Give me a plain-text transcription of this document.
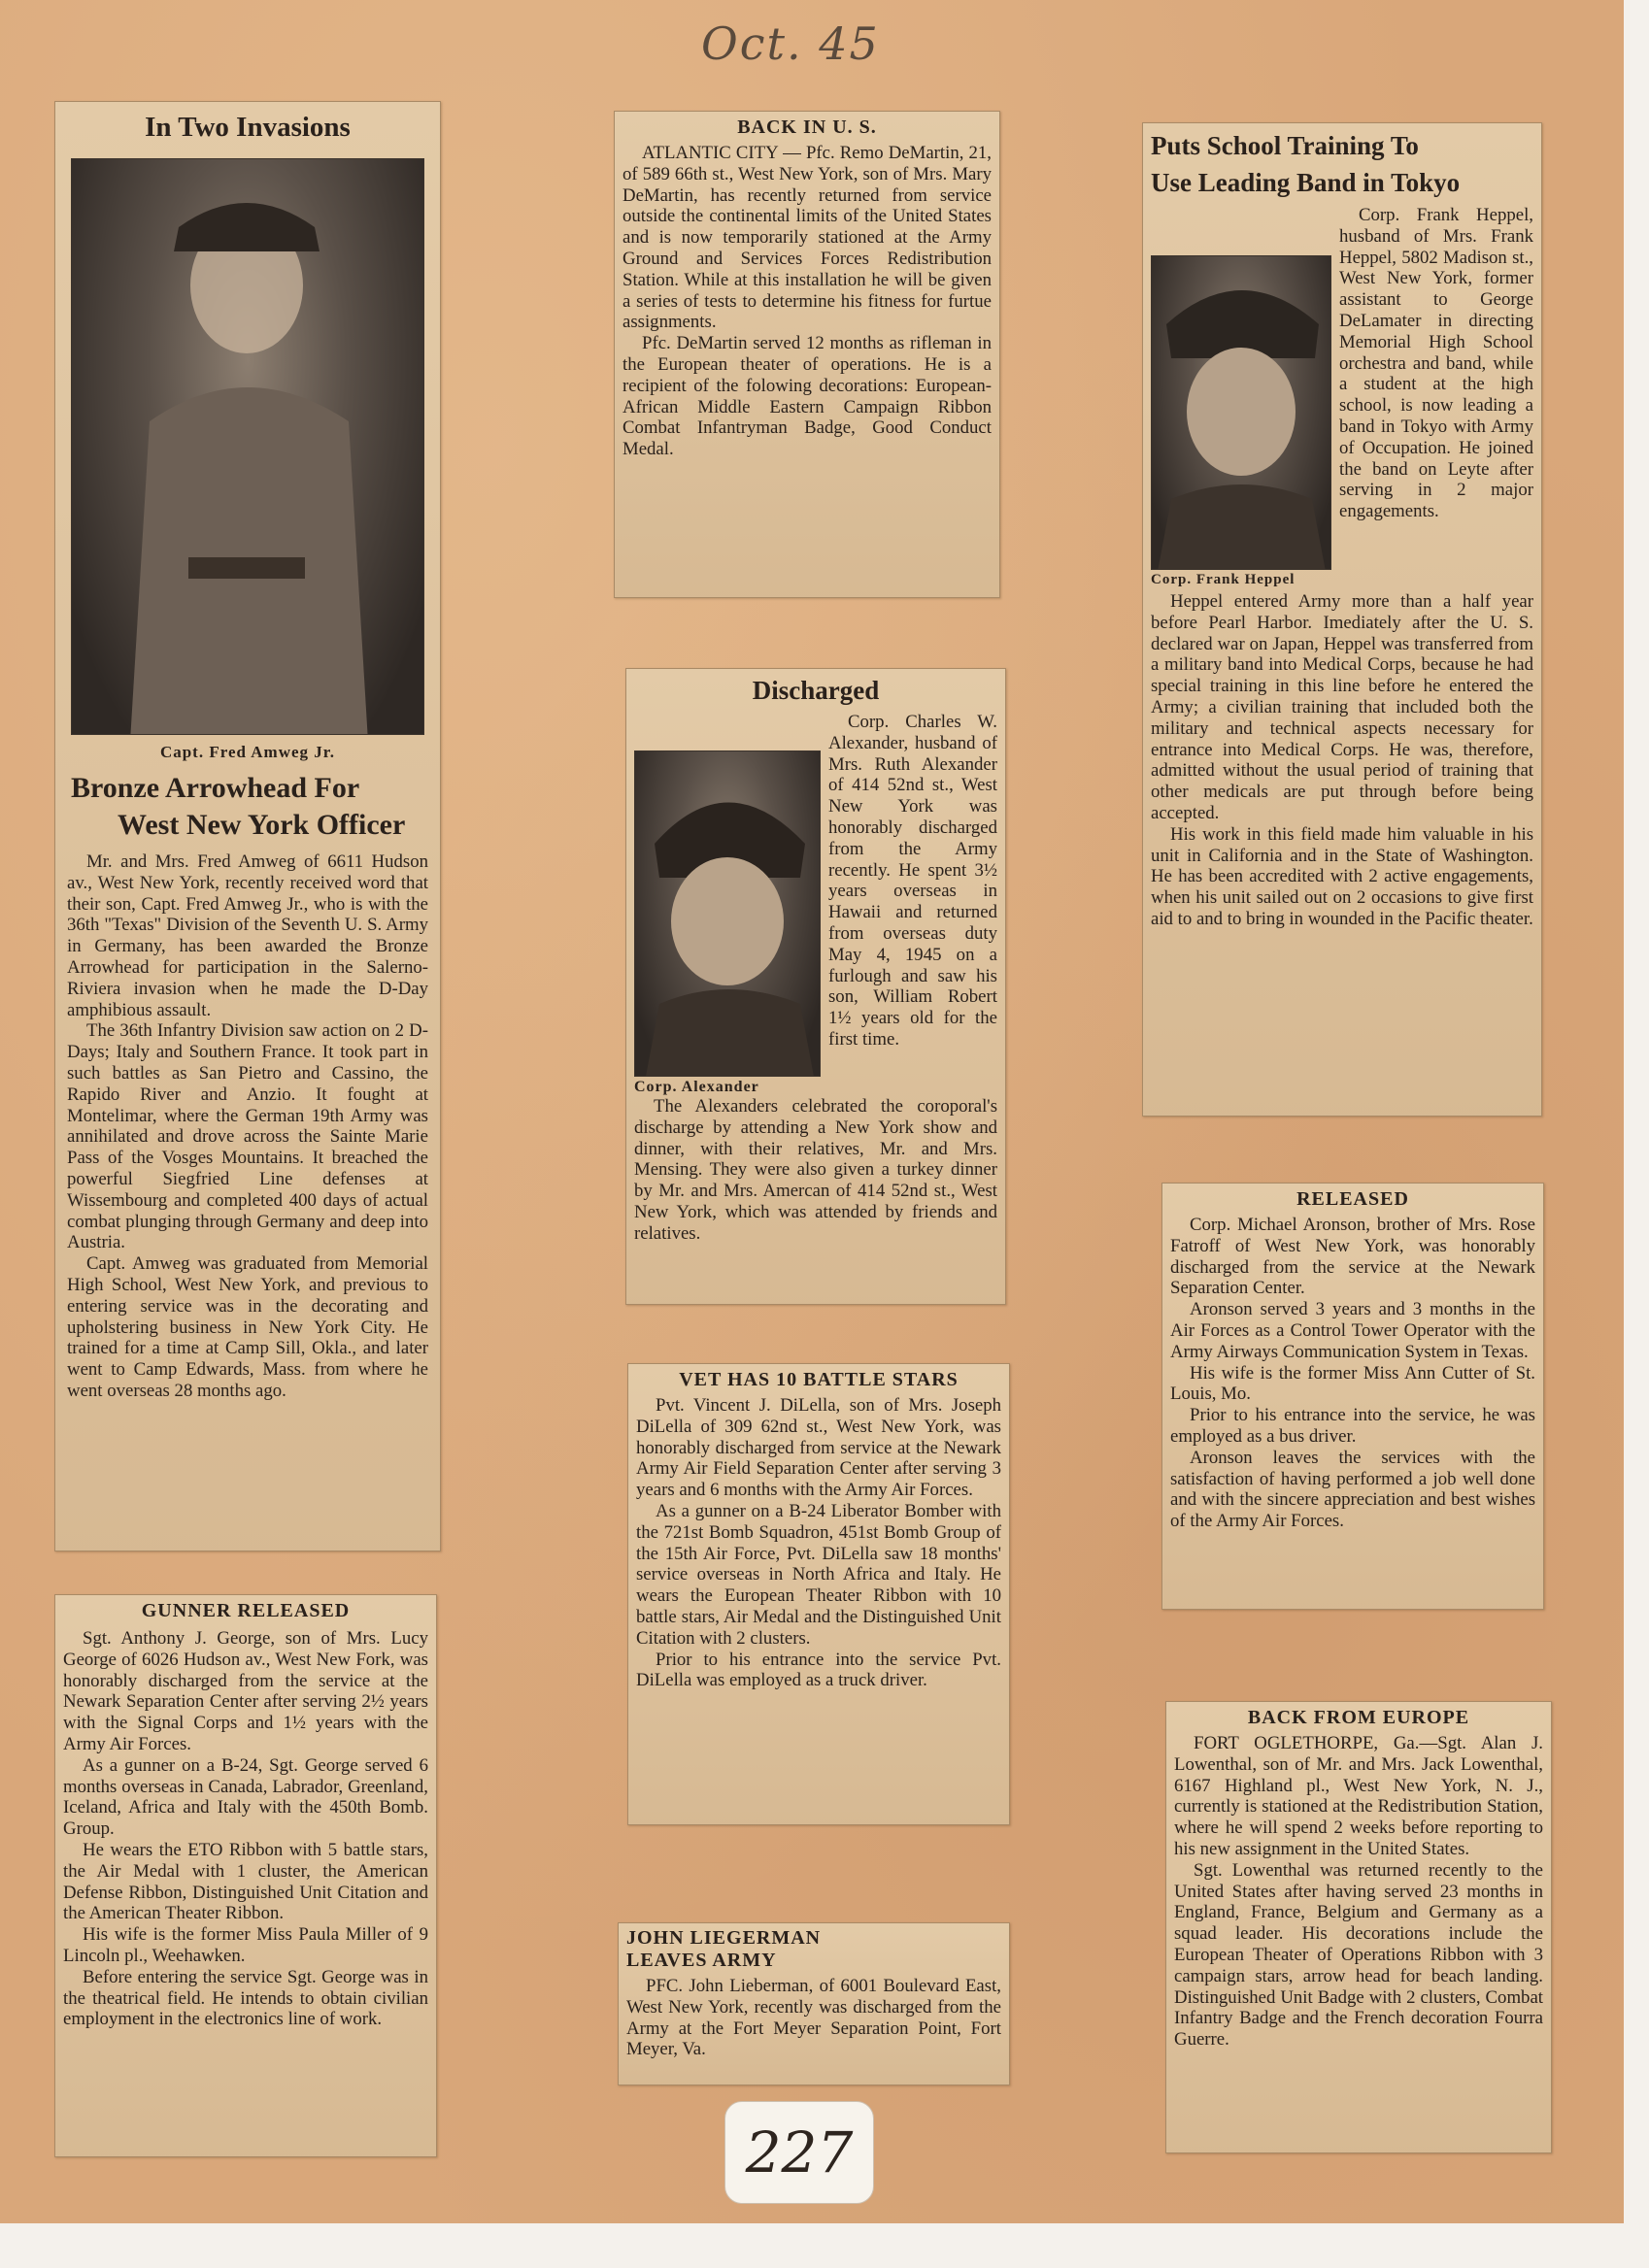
Oct. 45
In Two Invasions
Capt. Fred Amweg Jr.
Bronze Arrowhead For
West New York Officer

Mr. and Mrs. Fred Amweg of 6611 Hudson av., West New York, recently received word that their son, Capt. Fred Amweg Jr., who is with the 36th "Texas" Division of the Seventh U. S. Army in Germany, has been awarded the Bronze Arrowhead for participation in the Salerno-Riviera invasion when he made the D-Day amphibious assault.

The 36th Infantry Division saw action on 2 D-Days; Italy and Southern France. It took part in such battles as San Pietro and Cassino, the Rapido River and Anzio. It fought at Montelimar, where the German 19th Army was annihilated and drove across the Sainte Marie Pass of the Vosges Mountains. It breached the powerful Siegfried Line defenses at Wissembourg and completed 400 days of actual combat plunging through Germany and deep into Austria.

Capt. Amweg was graduated from Memorial High School, West New York, and previous to entering service was in the decorating and upholstering business in New York City. He trained for a time at Camp Sill, Okla., and later went to Camp Edwards, Mass. from where he went overseas 28 months ago.

GUNNER RELEASED

Sgt. Anthony J. George, son of Mrs. Lucy George of 6026 Hudson av., West New Fork, was honorably discharged from the service at the Newark Separation Center after serving 2½ years with the Signal Corps and 1½ years with the Army Air Forces.

As a gunner on a B-24, Sgt. George served 6 months overseas in Canada, Labrador, Greenland, Iceland, Africa and Italy with the 450th Bomb. Group.

He wears the ETO Ribbon with 5 battle stars, the Air Medal with 1 cluster, the American Defense Ribbon, Distinguished Unit Citation and the American Theater Ribbon.

His wife is the former Miss Paula Miller of 9 Lincoln pl., Weehawken.

Before entering the service Sgt. George was in the theatrical field. He intends to obtain civilian employment in the electronics line of work.

BACK IN U. S.

ATLANTIC CITY — Pfc. Remo DeMartin, 21, of 589 66th st., West New York, son of Mrs. Mary DeMartin, has recently returned from service outside the continental limits of the United States and is now temporarily stationed at the Army Ground and Services Forces Redistribution Station. While at this installation he will be given a series of tests to determine his fitness for furtue assignments.

Pfc. DeMartin served 12 months as rifleman in the European theater of operations. He is a recipient of the folowing decorations: European-African Middle Eastern Campaign Ribbon Combat Infantryman Badge, Good Conduct Medal.

Discharged

Corp. Charles W. Alexander, husband of Mrs. Ruth Alexander of 414 52nd st., West New York was honorably discharged from the Army recently. He spent 3½ years overseas in Hawaii and returned from overseas duty May 4, 1945 on a furlough and saw his son, William Robert 1½ years old for the first time.

Corp. Alexander

The Alexanders celebrated the coroporal's discharge by attending a New York show and dinner, with their relatives, Mr. and Mrs. Mensing. They were also given a turkey dinner by Mr. and Mrs. Amercan of 414 52nd st., West New York, which was attended by friends and relatives.

VET HAS 10 BATTLE STARS

Pvt. Vincent J. DiLella, son of Mrs. Joseph DiLella of 309 62nd st., West New York, was honorably discharged from service at the Newark Army Air Field Separation Center after serving 3 years and 6 months with the Army Air Forces.

As a gunner on a B-24 Liberator Bomber with the 721st Bomb Squadron, 451st Bomb Group of the 15th Air Force, Pvt. DiLella saw 18 months' service overseas in North Africa and Italy. He wears the European Theater Ribbon with 10 battle stars, Air Medal and the Distinguished Unit Citation with 2 clusters.

Prior to his entrance into the service Pvt. DiLella was employed as a truck driver.

JOHN LIEGERMAN
LEAVES ARMY

PFC. John Lieberman, of 6001 Boulevard East, West New York, recently was discharged from the Army at the Fort Meyer Separation Point, Fort Meyer, Va.

Puts School Training To
Use Leading Band in Tokyo
Corp. Frank Heppel

Corp. Frank Heppel, husband of Mrs. Frank Heppel, 5802 Madison st., West New York, former assistant to George DeLamater in directing Memorial High School orchestra and band, while a student at the high school, is now leading a band in Tokyo with Army of Occupation. He joined the band on Leyte after serving in 2 major engagements.

Heppel entered Army more than a half year before Pearl Harbor. Imediately after the U. S. declared war on Japan, Heppel was transferred from a military band into Medical Corps, because he had special training in this line before he entered the Army; a civilian training that included both the military and technical aspects necessary for entrance into Medical Corps. He was, therefore, admitted without the usual period of training that other medicals are put through before being accepted.

His work in this field made him valuable in his unit in California and in the State of Washington. He has been accredited with 2 active engagements, when his unit sailed out on 2 occasions to give first aid to and to bring in wounded in the Pacific theater.

RELEASED

Corp. Michael Aronson, brother of Mrs. Rose Fatroff of West New York, was honorably discharged from the service at the Newark Separation Center.

Aronson served 3 years and 3 months in the Air Forces as a Control Tower Operator with the Army Airways Communication System in Texas.

His wife is the former Miss Ann Cutter of St. Louis, Mo.

Prior to his entrance into the service, he was employed as a bus driver.

Aronson leaves the services with the satisfaction of having performed a job well done and with the sincere appreciation and best wishes of the Army Air Forces.

BACK FROM EUROPE

FORT OGLETHORPE, Ga.—Sgt. Alan J. Lowenthal, son of Mr. and Mrs. Jack Lowenthal, 6167 Highland pl., West New York, N. J., currently is stationed at the Redistribution Station, where he will spend 2 weeks before reporting to his new assignment in the United States.

Sgt. Lowenthal was returned recently to the United States after having served 23 months in England, France, Belgium and Germany as a squad leader. His decorations include the European Theater of Operations Ribbon with 3 campaign stars, arrow head for beach landing. Distinguished Unit Badge with 2 clusters, Combat Infantry Badge and the French decoration Fourra Guerre.

227
